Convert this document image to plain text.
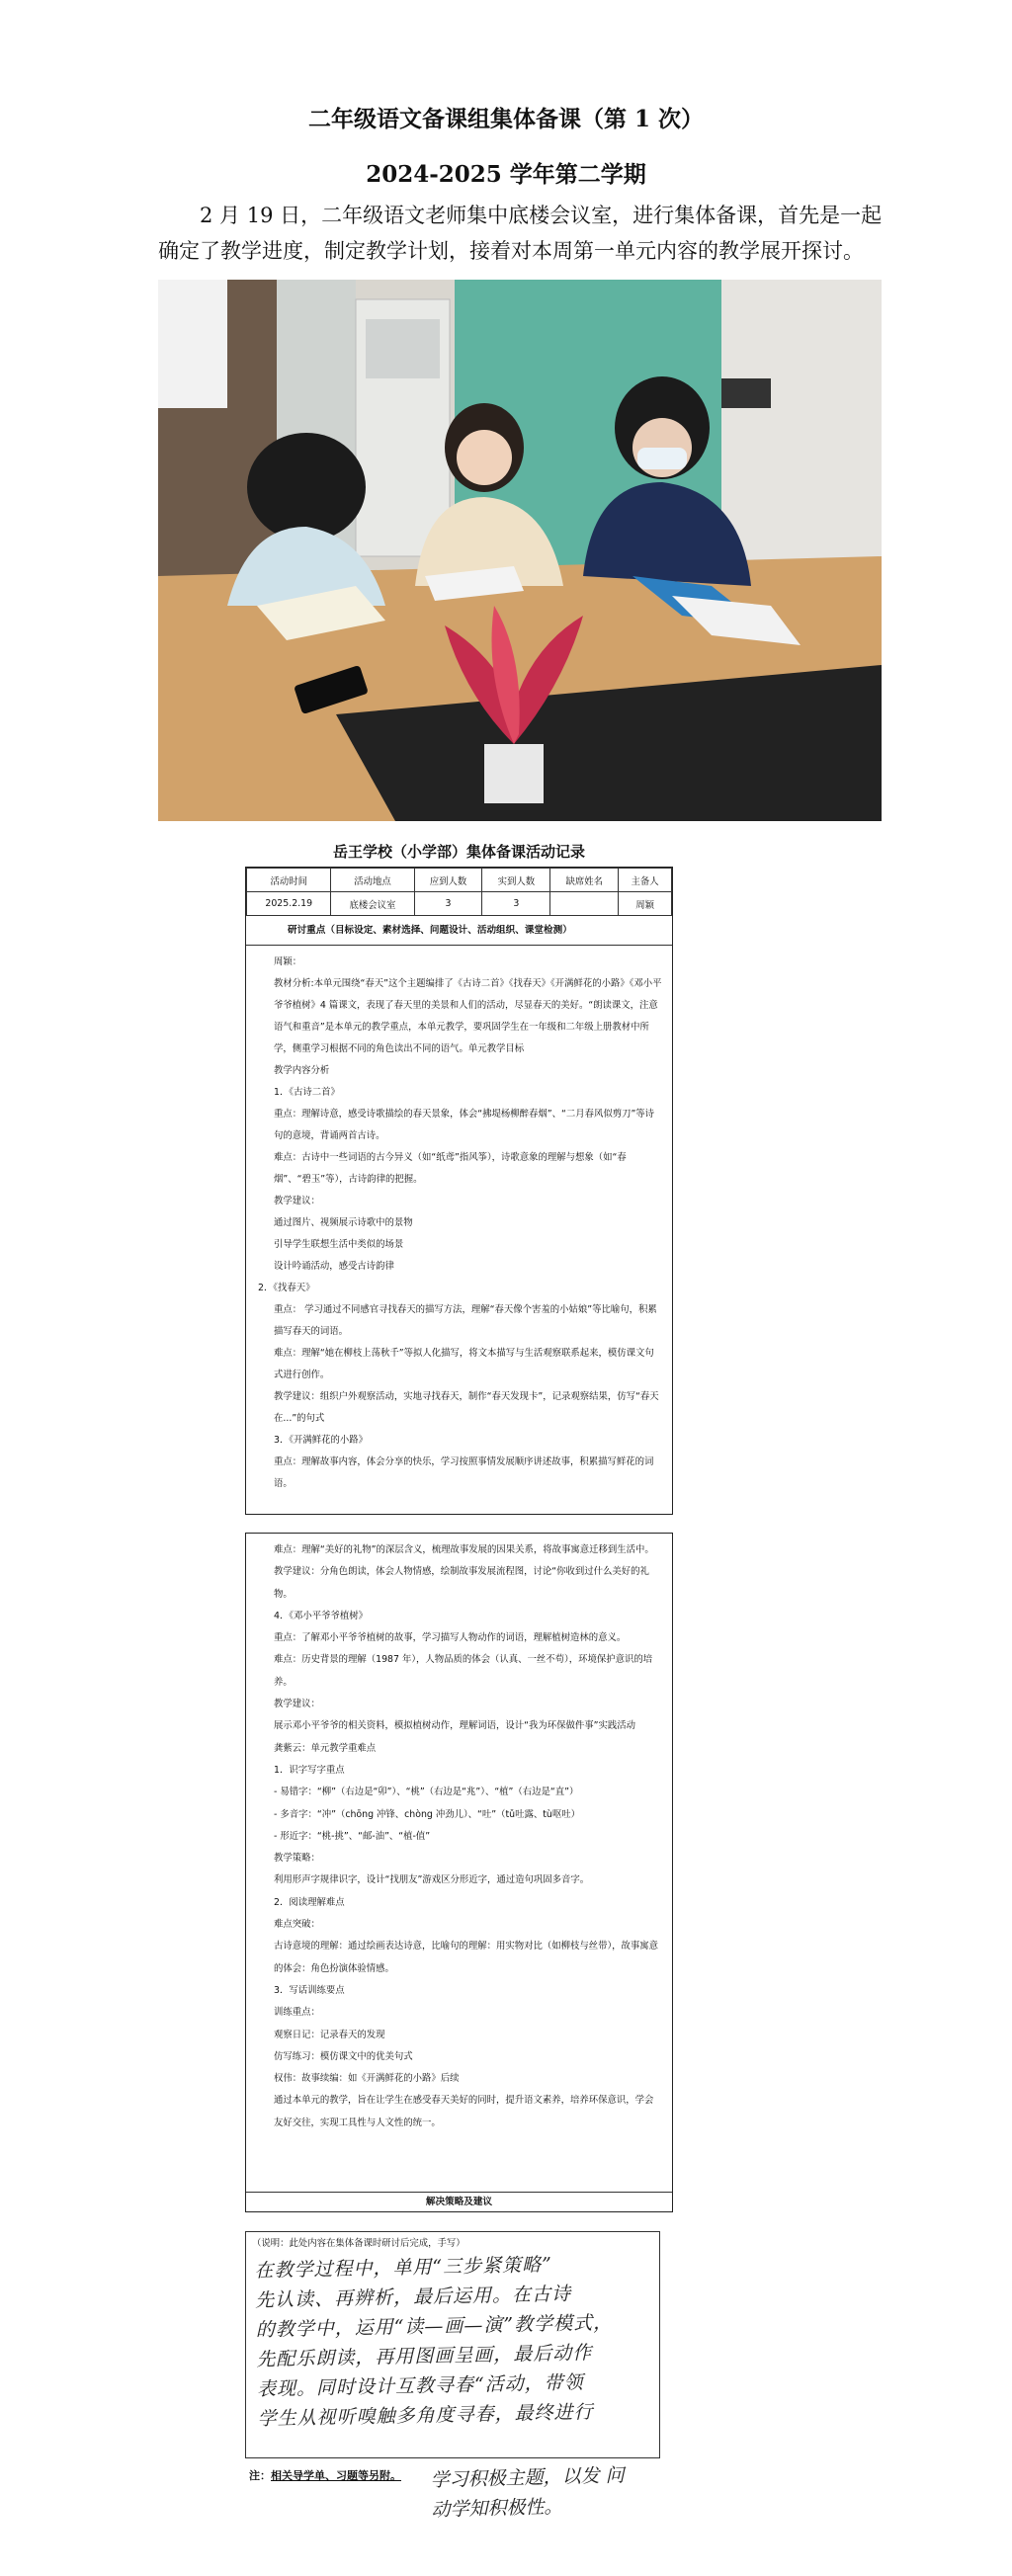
二年级语文备课组集体备课（第 1 次）
2024-2025 学年第二学期
2 月 19 日，二年级语文老师集中底楼会议室，进行集体备课，首先是一起确定了教学进度，制定教学计划，接着对本周第一单元内容的教学展开探讨。
岳王学校（小学部）集体备课活动记录
活动时间	活动地点	应到人数	实到人数	缺席姓名	主备人
2025.2.19	底楼会议室	3	3		周颖
研讨重点（目标设定、素材选择、问题设计、活动组织、课堂检测）

周颖：

教材分析:本单元围绕“春天”这个主题编排了《古诗二首》《找春天》《开满鲜花的小路》《邓小平爷爷植树》4 篇课文，表现了春天里的美景和人们的活动，尽显春天的美好。“朗读课文，注意语气和重音”是本单元的教学重点，本单元教学，要巩固学生在一年级和二年级上册教材中所学，侧重学习根据不同的角色读出不同的语气。单元教学目标

教学内容分析

1．《古诗二首》

重点：理解诗意，感受诗歌描绘的春天景象，体会“拂堤杨柳醉春烟”、“二月春风似剪刀”等诗句的意境，背诵两首古诗。

难点：古诗中一些词语的古今异义（如“纸鸢”指风筝），诗歌意象的理解与想象（如“春烟”、“碧玉”等），古诗韵律的把握。

教学建议：

通过图片、视频展示诗歌中的景物

引导学生联想生活中类似的场景

设计吟诵活动，感受古诗韵律

2．《找春天》

重点： 学习通过不同感官寻找春天的描写方法，理解“春天像个害羞的小姑娘”等比喻句，积累描写春天的词语。

难点：理解“她在柳枝上荡秋千”等拟人化描写，将文本描写与生活观察联系起来，模仿课文句式进行创作。

教学建议：组织户外观察活动，实地寻找春天，制作“春天发现卡”，记录观察结果，仿写“春天在...”的句式

3．《开满鲜花的小路》

重点：理解故事内容，体会分享的快乐，学习按照事情发展顺序讲述故事，积累描写鲜花的词语。

难点：理解“美好的礼物”的深层含义，梳理故事发展的因果关系，将故事寓意迁移到生活中。

教学建议：分角色朗读，体会人物情感，绘制故事发展流程图，讨论“你收到过什么美好的礼物。

4．《邓小平爷爷植树》

重点：了解邓小平爷爷植树的故事，学习描写人物动作的词语，理解植树造林的意义。

难点：历史背景的理解（1987 年），人物品质的体会（认真、一丝不苟），环境保护意识的培养。

教学建议：

展示邓小平爷爷的相关资料，模拟植树动作，理解词语，设计“我为环保做件事”实践活动

龚紫云：单元教学重难点

1．识字写字重点

- 易错字：“柳”（右边是“卯”）、“桃”（右边是“兆”）、“植”（右边是“直”）

- 多音字：“冲”（chōng 冲锋、chòng 冲劲儿）、“吐”（tǔ吐露、tù呕吐）

- 形近字：“桃-挑”、“邮-油”、“植-值”

教学策略：

利用形声字规律识字，设计“找朋友”游戏区分形近字，通过造句巩固多音字。

2．阅读理解难点

难点突破：

古诗意境的理解：通过绘画表达诗意，比喻句的理解：用实物对比（如柳枝与丝带），故事寓意的体会：角色扮演体验情感。

3．写话训练要点

训练重点：

观察日记：记录春天的发现

仿写练习：模仿课文中的优美句式

权伟：故事续编：如《开满鲜花的小路》后续

通过本单元的教学，旨在让学生在感受春天美好的同时，提升语文素养，培养环保意识，学会友好交往，实现工具性与人文性的统一。

解决策略及建议
（说明：此处内容在集体备课时研讨后完成，手写）

在教学过程中，单用“三步紧策略”

先认读、再辨析，最后运用。在古诗

的教学中，运用“读—画—演”教学模式，

先配乐朗读，再用图画呈画，最后动作

表现。同时设计互教寻春“活动，带领

学生从视听嗅触多角度寻春，最终进行

注：相关导学单、习题等另附。 学习积极主题，以发 问

动学知积极性。
